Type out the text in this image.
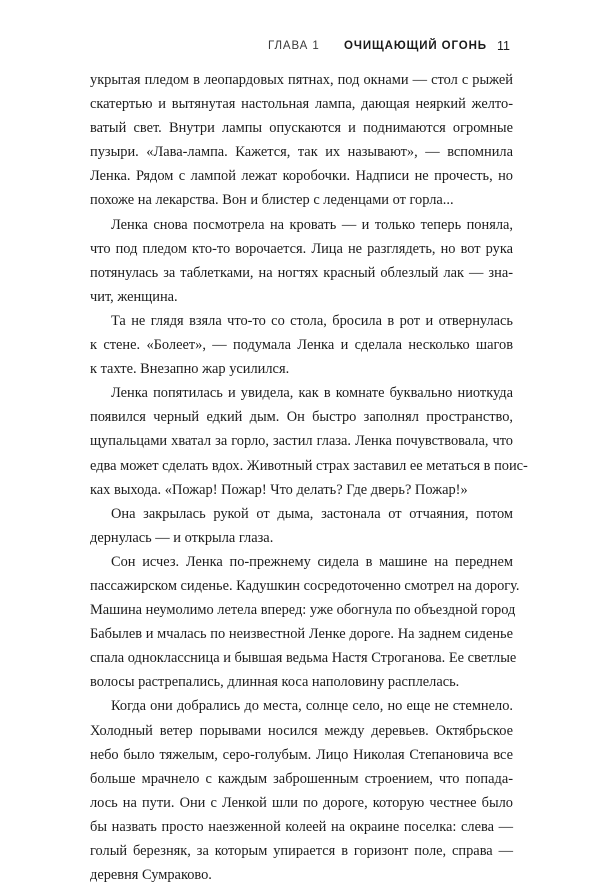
ГЛАВА 1 ОЧИЩАЮЩИЙ ОГОНЬ 11
укрытая пледом в леопардовых пятнах, под окнами — стол с рыжей
скатертью и вытянутая настольная лампа, дающая неяркий желто-
ватый свет. Внутри лампы опускаются и поднимаются огромные
пузыри. «Лава-лампа. Кажется, так их называют», — вспомнила
Ленка. Рядом с лампой лежат коробочки. Надписи не прочесть, но
похоже на лекарства. Вон и блистер с леденцами от горла...
Ленка снова посмотрела на кровать — и только теперь поняла,
что под пледом кто-то ворочается. Лица не разглядеть, но вот рука
потянулась за таблетками, на ногтях красный облезлый лак — зна-
чит, женщина.
Та не глядя взяла что-то со стола, бросила в рот и отвернулась
к стене. «Болеет», — подумала Ленка и сделала несколько шагов
к тахте. Внезапно жар усилился.
Ленка попятилась и увидела, как в комнате буквально ниоткуда
появился черный едкий дым. Он быстро заполнял пространство,
щупальцами хватал за горло, застил глаза. Ленка почувствовала, что
едва может сделать вдох. Животный страх заставил ее метаться в поис-
ках выхода. «Пожар! Пожар! Что делать? Где дверь? Пожар!»
Она закрылась рукой от дыма, застонала от отчаяния, потом
дернулась — и открыла глаза.
Сон исчез. Ленка по-прежнему сидела в машине на переднем
пассажирском сиденье. Кадушкин сосредоточенно смотрел на дорогу.
Машина неумолимо летела вперед: уже обогнула по объездной город
Бабылев и мчалась по неизвестной Ленке дороге. На заднем сиденье
спала одноклассница и бывшая ведьма Настя Строганова. Ее светлые
волосы растрепались, длинная коса наполовину расплелась.
Когда они добрались до места, солнце село, но еще не стемнело.
Холодный ветер порывами носился между деревьев. Октябрьское
небо было тяжелым, серо-голубым. Лицо Николая Степановича все
больше мрачнело с каждым заброшенным строением, что попада-
лось на пути. Они с Ленкой шли по дороге, которую честнее было
бы назвать просто наезженной колеей на окраине поселка: слева —
голый березняк, за которым упирается в горизонт поле, справа —
деревня Сумраково.
